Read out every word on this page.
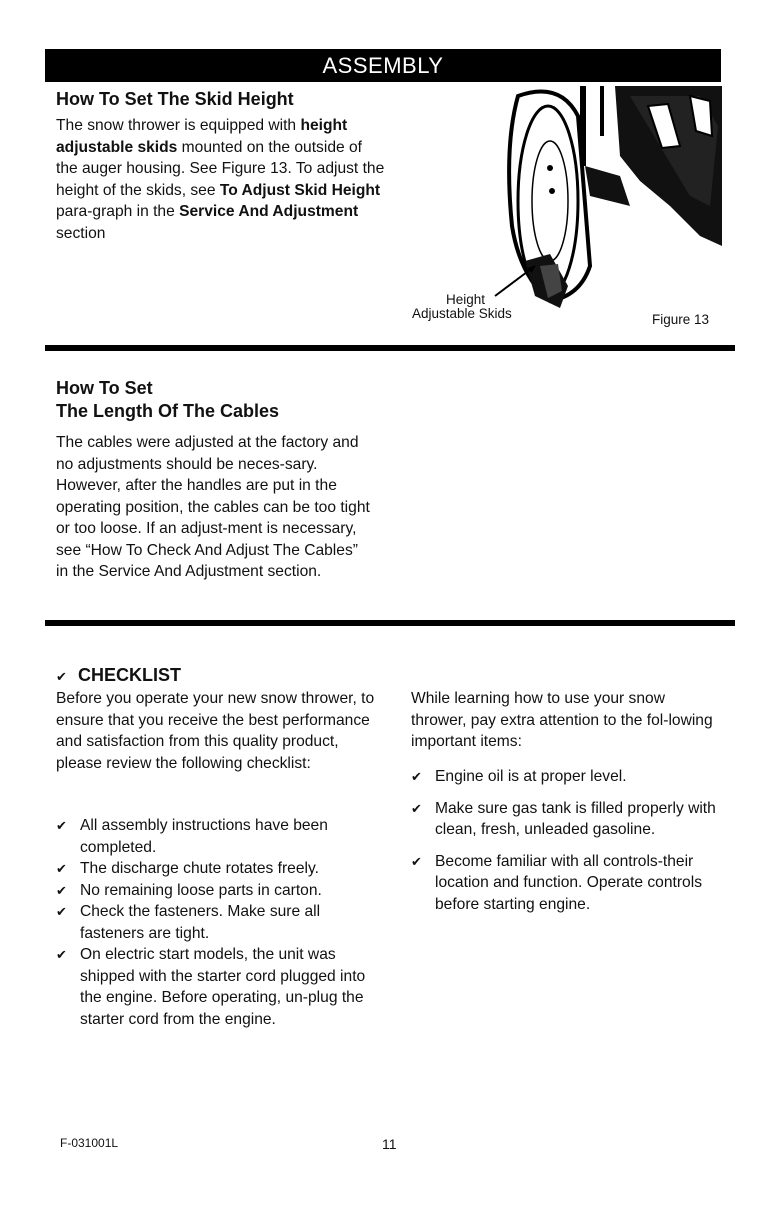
ASSEMBLY
How To Set The Skid Height
The snow thrower is equipped with height adjustable skids mounted on the outside of the auger housing. See Figure 13. To adjust the height of the skids, see To Adjust Skid Height para-graph in the Service And Adjustment section
Height
Adjustable Skids	Figure 13
How To Set
The Length Of The Cables
The cables were adjusted at the factory and no adjustments should be neces-sary. However, after the handles are put in the operating position, the cables can be too tight or too loose. If an adjust-ment is necessary, see “How To Check And Adjust The Cables” in the Service And Adjustment section.
✔ CHECKLIST
Before you operate your new snow thrower, to ensure that you receive the best performance and satisfaction from this quality product, please review the following checklist:
✔ All assembly instructions have been completed.
✔ The discharge chute rotates freely.
✔ No remaining loose parts in carton.
✔ Check the fasteners. Make sure all fasteners are tight.
✔ On electric start models, the unit was shipped with the starter cord plugged into the engine. Before operating, un-plug the starter cord from the engine.
While learning how to use your snow thrower, pay extra attention to the fol-lowing important items:
✔ Engine oil is at proper level.
✔ Make sure gas tank is filled properly with clean, fresh, unleaded gasoline.
✔ Become familiar with all controls-their location and function. Operate controls before starting engine.
F-031001L	11
